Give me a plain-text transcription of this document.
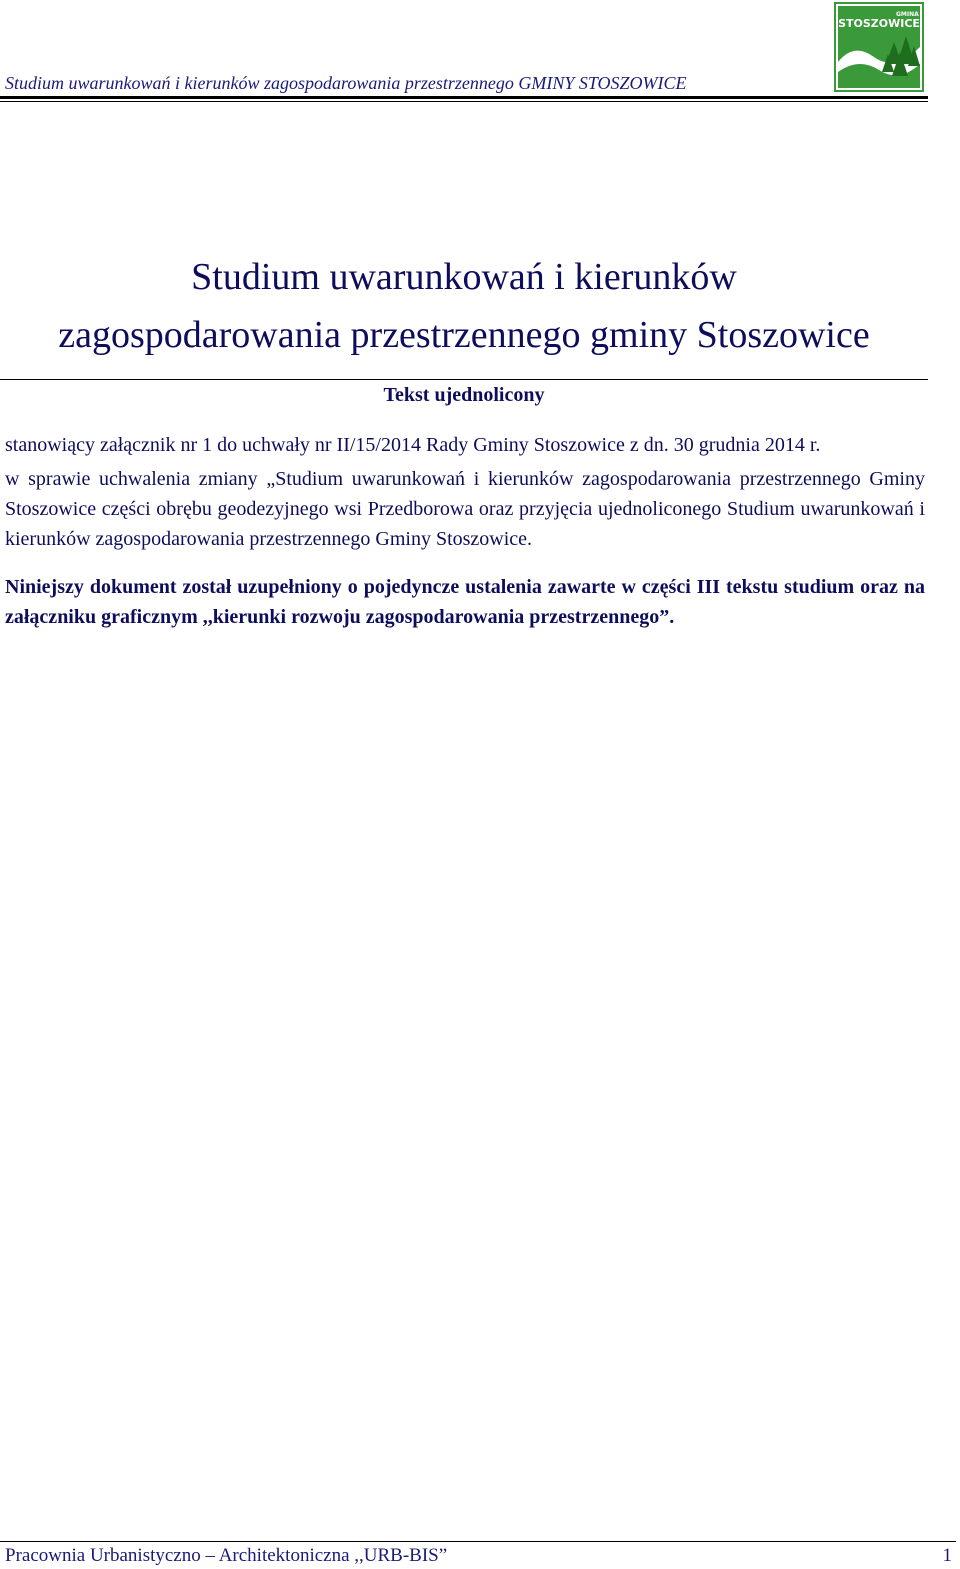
Studium uwarunkowań i kierunków zagospodarowania przestrzennego GMINY STOSZOWICE
GMINA
STOSZOWICE
Studium uwarunkowań i kierunków
zagospodarowania przestrzennego gminy Stoszowice
Tekst ujednolicony
stanowiący załącznik nr 1 do uchwały nr II/15/2014 Rady Gminy Stoszowice z dn. 30 grudnia 2014 r.
w sprawie uchwalenia zmiany „Studium uwarunkowań i kierunków zagospodarowania przestrzennego Gminy Stoszowice części obrębu geodezyjnego wsi Przedborowa oraz przyjęcia ujednoliconego Studium uwarunkowań i kierunków zagospodarowania przestrzennego Gminy Stoszowice.
Niniejszy dokument został uzupełniony o pojedyncze ustalenia zawarte w części III tekstu studium oraz na załączniku graficznym ,,kierunki rozwoju zagospodarowania przestrzennego”.
Pracownia Urbanistyczno – Architektoniczna ,,URB-BIS”	1
